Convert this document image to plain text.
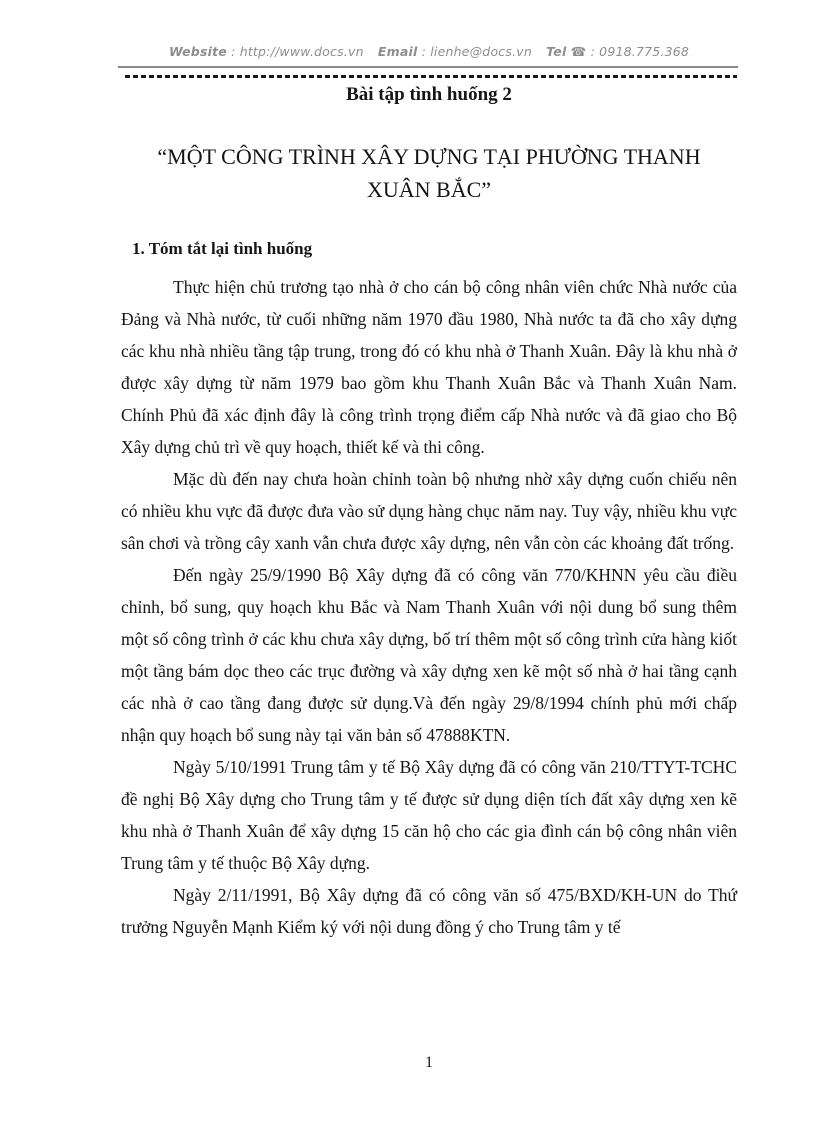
Website : http://www.docs.vn Email : lienhe@docs.vn Tel ☎ : 0918.775.368
Bài tập tình huống 2
“MỘT CÔNG TRÌNH XÂY DỰNG TẠI PHƯỜNG THANH XUÂN BẮC”
1. Tóm tắt lại tình huống

Thực hiện chủ trương tạo nhà ở cho cán bộ công nhân viên chức Nhà nước của Đảng và Nhà nước, từ cuối những năm 1970 đầu 1980, Nhà nước ta đã cho xây dựng các khu nhà nhiều tầng tập trung, trong đó có khu nhà ở Thanh Xuân. Đây là khu nhà ở được xây dựng từ năm 1979 bao gồm khu Thanh Xuân Bắc và Thanh Xuân Nam. Chính Phủ đã xác định đây là công trình trọng điểm cấp Nhà nước và đã giao cho Bộ Xây dựng chủ trì về quy hoạch, thiết kế và thi công.

Mặc dù đến nay chưa hoàn chỉnh toàn bộ nhưng nhờ xây dựng cuốn chiếu nên có nhiều khu vực đã được đưa vào sử dụng hàng chục năm nay. Tuy vậy, nhiều khu vực sân chơi và trồng cây xanh vẫn chưa được xây dựng, nên vẫn còn các khoảng đất trống.

Đến ngày 25/9/1990 Bộ Xây dựng đã có công văn 770/KHNN yêu cầu điều chỉnh, bổ sung, quy hoạch khu Bắc và Nam Thanh Xuân với nội dung bổ sung thêm một số công trình ở các khu chưa xây dựng, bố trí thêm một số công trình cửa hàng kiốt một tầng bám dọc theo các trục đường và xây dựng xen kẽ một số nhà ở hai tầng cạnh các nhà ở cao tầng đang được sử dụng.Và đến ngày 29/8/1994 chính phủ mới chấp nhận quy hoạch bổ sung này tại văn bản số 47888KTN.

Ngày 5/10/1991 Trung tâm y tế Bộ Xây dựng đã có công văn 210/TTYT-TCHC đề nghị Bộ Xây dựng cho Trung tâm y tế được sử dụng diện tích đất xây dựng xen kẽ khu nhà ở Thanh Xuân để xây dựng 15 căn hộ cho các gia đình cán bộ công nhân viên Trung tâm y tế thuộc Bộ Xây dựng.

Ngày 2/11/1991, Bộ Xây dựng đã có công văn số 475/BXD/KH-UN do Thứ trưởng Nguyễn Mạnh Kiểm ký với nội dung đồng ý cho Trung tâm y tế

1
